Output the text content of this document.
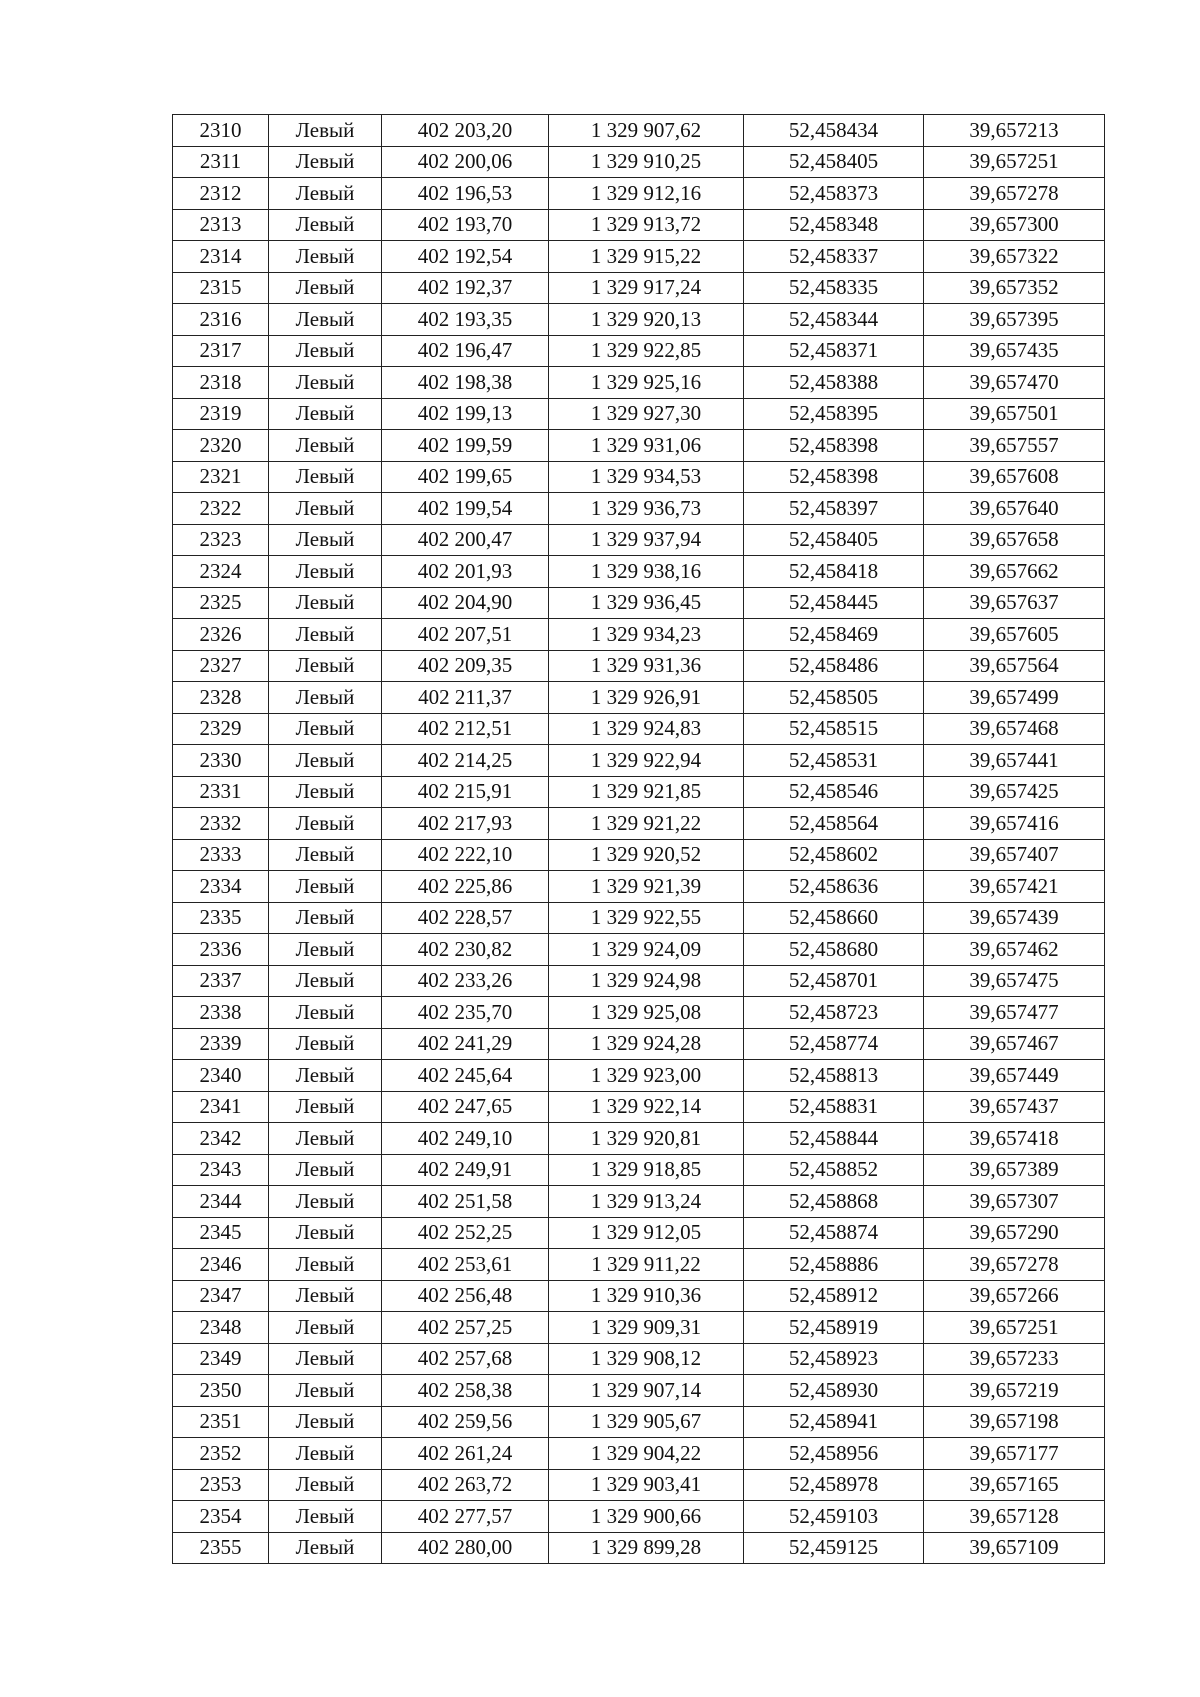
2310	Левый	402 203,20	1 329 907,62	52,458434	39,657213
2311	Левый	402 200,06	1 329 910,25	52,458405	39,657251
2312	Левый	402 196,53	1 329 912,16	52,458373	39,657278
2313	Левый	402 193,70	1 329 913,72	52,458348	39,657300
2314	Левый	402 192,54	1 329 915,22	52,458337	39,657322
2315	Левый	402 192,37	1 329 917,24	52,458335	39,657352
2316	Левый	402 193,35	1 329 920,13	52,458344	39,657395
2317	Левый	402 196,47	1 329 922,85	52,458371	39,657435
2318	Левый	402 198,38	1 329 925,16	52,458388	39,657470
2319	Левый	402 199,13	1 329 927,30	52,458395	39,657501
2320	Левый	402 199,59	1 329 931,06	52,458398	39,657557
2321	Левый	402 199,65	1 329 934,53	52,458398	39,657608
2322	Левый	402 199,54	1 329 936,73	52,458397	39,657640
2323	Левый	402 200,47	1 329 937,94	52,458405	39,657658
2324	Левый	402 201,93	1 329 938,16	52,458418	39,657662
2325	Левый	402 204,90	1 329 936,45	52,458445	39,657637
2326	Левый	402 207,51	1 329 934,23	52,458469	39,657605
2327	Левый	402 209,35	1 329 931,36	52,458486	39,657564
2328	Левый	402 211,37	1 329 926,91	52,458505	39,657499
2329	Левый	402 212,51	1 329 924,83	52,458515	39,657468
2330	Левый	402 214,25	1 329 922,94	52,458531	39,657441
2331	Левый	402 215,91	1 329 921,85	52,458546	39,657425
2332	Левый	402 217,93	1 329 921,22	52,458564	39,657416
2333	Левый	402 222,10	1 329 920,52	52,458602	39,657407
2334	Левый	402 225,86	1 329 921,39	52,458636	39,657421
2335	Левый	402 228,57	1 329 922,55	52,458660	39,657439
2336	Левый	402 230,82	1 329 924,09	52,458680	39,657462
2337	Левый	402 233,26	1 329 924,98	52,458701	39,657475
2338	Левый	402 235,70	1 329 925,08	52,458723	39,657477
2339	Левый	402 241,29	1 329 924,28	52,458774	39,657467
2340	Левый	402 245,64	1 329 923,00	52,458813	39,657449
2341	Левый	402 247,65	1 329 922,14	52,458831	39,657437
2342	Левый	402 249,10	1 329 920,81	52,458844	39,657418
2343	Левый	402 249,91	1 329 918,85	52,458852	39,657389
2344	Левый	402 251,58	1 329 913,24	52,458868	39,657307
2345	Левый	402 252,25	1 329 912,05	52,458874	39,657290
2346	Левый	402 253,61	1 329 911,22	52,458886	39,657278
2347	Левый	402 256,48	1 329 910,36	52,458912	39,657266
2348	Левый	402 257,25	1 329 909,31	52,458919	39,657251
2349	Левый	402 257,68	1 329 908,12	52,458923	39,657233
2350	Левый	402 258,38	1 329 907,14	52,458930	39,657219
2351	Левый	402 259,56	1 329 905,67	52,458941	39,657198
2352	Левый	402 261,24	1 329 904,22	52,458956	39,657177
2353	Левый	402 263,72	1 329 903,41	52,458978	39,657165
2354	Левый	402 277,57	1 329 900,66	52,459103	39,657128
2355	Левый	402 280,00	1 329 899,28	52,459125	39,657109
